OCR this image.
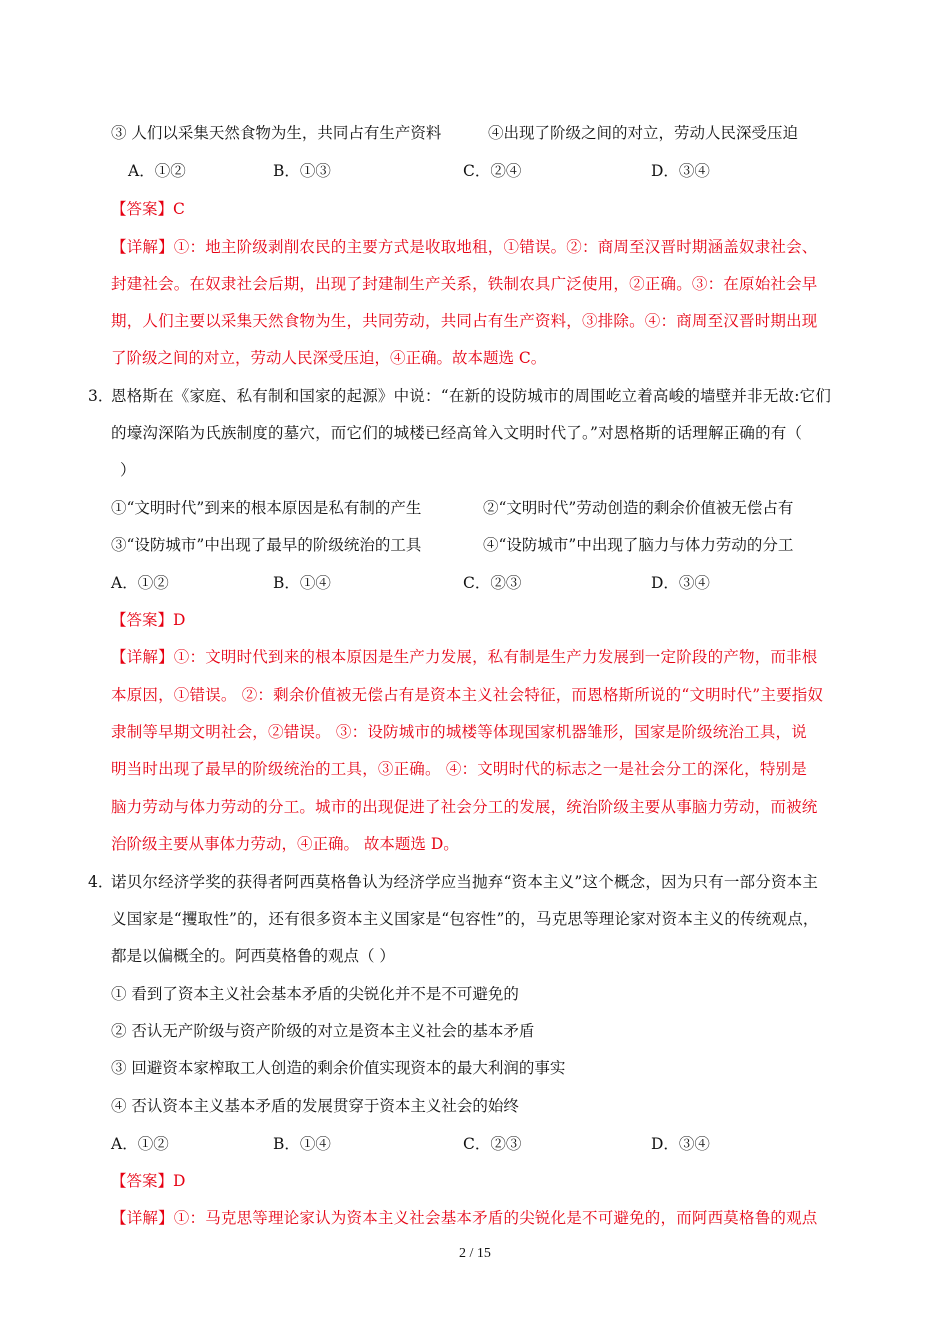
③ 人们以采集天然食物为生，共同占有生产资料	④出现了阶级之间的对立，劳动人民深受压迫
A．①②	B．①③	C．②④	D．③④
【答案】C
【详解】①：地主阶级剥削农民的主要方式是收取地租，①错误。②：商周至汉晋时期涵盖奴隶社会、
封建社会。在奴隶社会后期，出现了封建制生产关系，铁制农具广泛使用，②正确。③：在原始社会早
期，人们主要以采集天然食物为生，共同劳动，共同占有生产资料，③排除。④：商周至汉晋时期出现
了阶级之间的对立，劳动人民深受压迫，④正确。故本题选 C。
3．
恩格斯在《家庭、私有制和国家的起源》中说：“在新的设防城市的周围屹立着高峻的墙壁并非无故:它们
的壕沟深陷为氏族制度的墓穴，而它们的城楼已经高耸入文明时代了。”对恩格斯的话理解正确的有（
）
①“文明时代”到来的根本原因是私有制的产生	②“文明时代”劳动创造的剩余价值被无偿占有
③“设防城市”中出现了最早的阶级统治的工具	④“设防城市”中出现了脑力与体力劳动的分工
A．①②	B．①④	C．②③	D．③④
【答案】D
【详解】①：文明时代到来的根本原因是生产力发展，私有制是生产力发展到一定阶段的产物，而非根
本原因，①错误。 ②：剩余价值被无偿占有是资本主义社会特征，而恩格斯所说的“文明时代”主要指奴
隶制等早期文明社会，②错误。 ③：设防城市的城楼等体现国家机器雏形，国家是阶级统治工具，说
明当时出现了最早的阶级统治的工具，③正确。 ④：文明时代的标志之一是社会分工的深化，特别是
脑力劳动与体力劳动的分工。城市的出现促进了社会分工的发展，统治阶级主要从事脑力劳动，而被统
治阶级主要从事体力劳动，④正确。 故本题选 D。
4．
诺贝尔经济学奖的获得者阿西莫格鲁认为经济学应当抛弃“资本主义”这个概念，因为只有一部分资本主
义国家是“攫取性”的，还有很多资本主义国家是“包容性”的，马克思等理论家对资本主义的传统观点，
都是以偏概全的。阿西莫格鲁的观点（ ）
① 看到了资本主义社会基本矛盾的尖锐化并不是不可避免的
② 否认无产阶级与资产阶级的对立是资本主义社会的基本矛盾
③ 回避资本家榨取工人创造的剩余价值实现资本的最大利润的事实
④ 否认资本主义基本矛盾的发展贯穿于资本主义社会的始终
A．①②	B．①④	C．②③	D．③④
【答案】D
【详解】①：马克思等理论家认为资本主义社会基本矛盾的尖锐化是不可避免的，而阿西莫格鲁的观点
2 / 15
